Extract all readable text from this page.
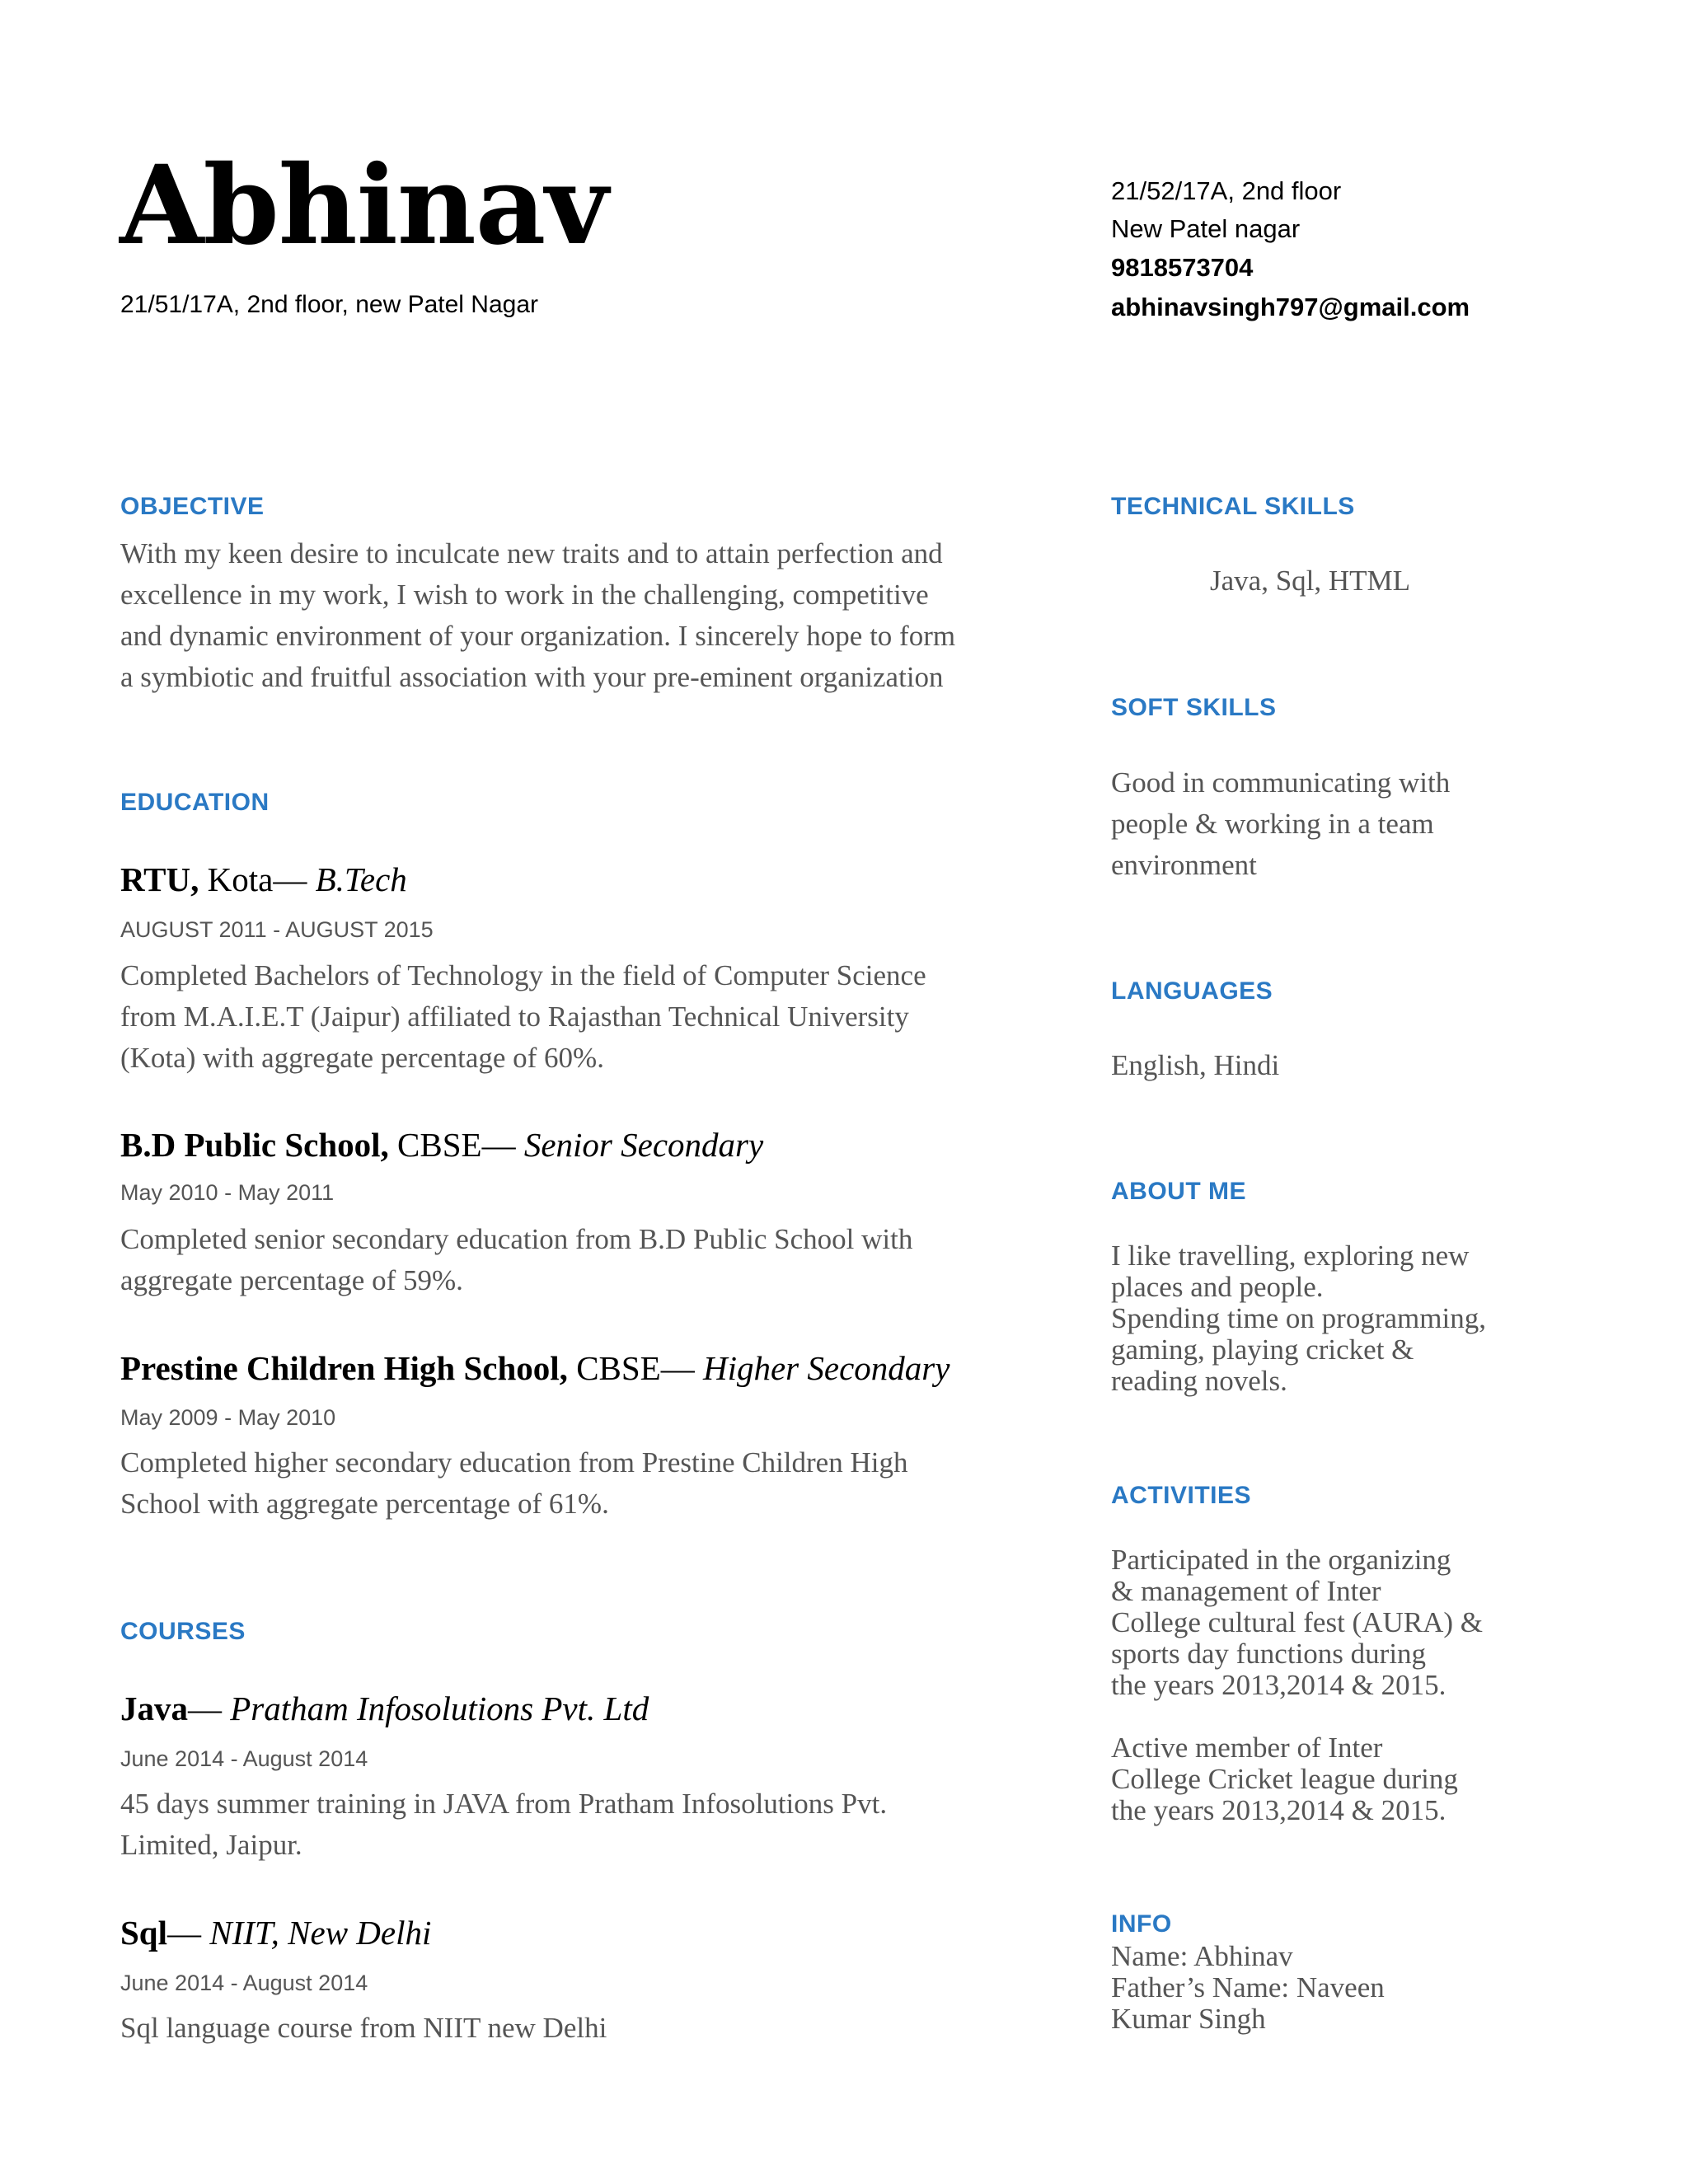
Abhinav
21/51/17A, 2nd floor, new Patel Nagar
21/52/17A, 2nd floor
New Patel nagar
9818573704
abhinavsingh797@gmail.com
OBJECTIVE
With my keen desire to inculcate new traits and to attain perfection and
excellence in my work, I wish to work in the challenging, competitive
and dynamic environment of your organization. I sincerely hope to form
a symbiotic and fruitful association with your pre-eminent organization
EDUCATION
RTU, Kota— B.Tech
AUGUST 2011 - AUGUST 2015
Completed Bachelors of Technology in the field of Computer Science
from M.A.I.E.T (Jaipur) affiliated to Rajasthan Technical University
(Kota) with aggregate percentage of 60%.
B.D Public School, CBSE— Senior Secondary
May 2010 - May 2011
Completed senior secondary education from B.D Public School with
aggregate percentage of 59%.
Prestine Children High School, CBSE— Higher Secondary
May 2009 - May 2010
Completed higher secondary education from Prestine Children High
School with aggregate percentage of 61%.
COURSES
Java— Pratham Infosolutions Pvt. Ltd
June 2014 - August 2014
45 days summer training in JAVA from Pratham Infosolutions Pvt.
Limited, Jaipur.
Sql— NIIT, New Delhi
June 2014 - August 2014
Sql language course from NIIT new Delhi
TECHNICAL SKILLS
Java, Sql, HTML
SOFT SKILLS
Good in communicating with
people & working in a team
environment
LANGUAGES
English, Hindi
ABOUT ME
I like travelling, exploring new
places and people.
Spending time on programming,
gaming, playing cricket &
reading novels.
ACTIVITIES
Participated in the organizing
& management of Inter
College cultural fest (AURA) &
sports day functions during
the years 2013,2014 & 2015.
Active member of Inter
College Cricket league during
the years 2013,2014 & 2015.
INFO
Name: Abhinav
Father’s Name: Naveen
Kumar Singh
